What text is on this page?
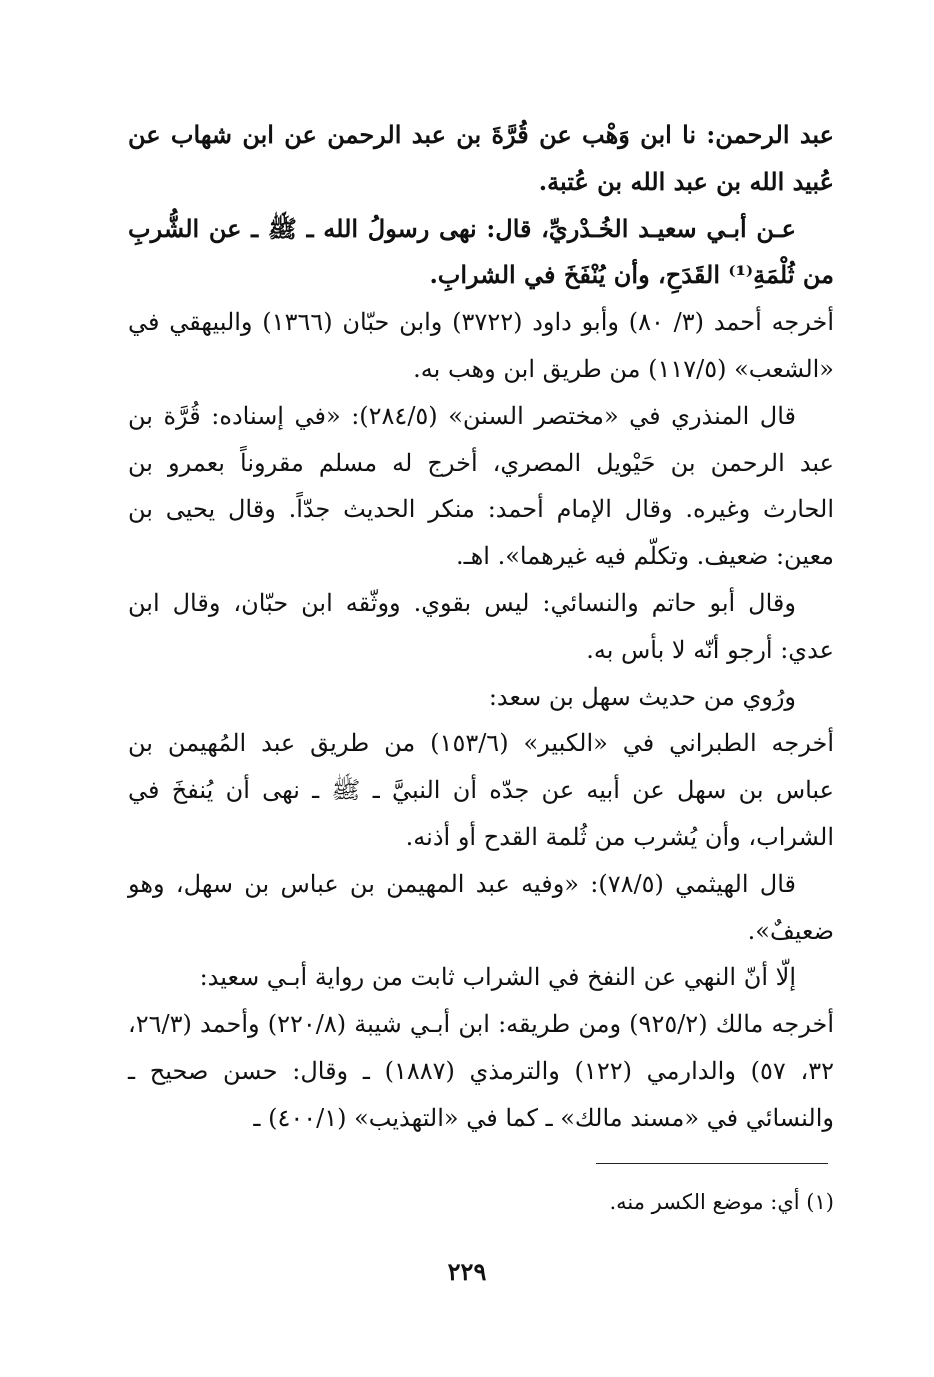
عبد الرحمن: نا ابن وَهْب عن قُرَّةَ بن عبد الرحمن عن ابن شهاب عن عُبيد الله بن عبد الله بن عُتبة.

عـن أبـي سعيـد الخُـدْريِّ، قال: نهى رسولُ الله ـ ﷺ ـ عن الشُّربِ من ثُلْمَةِ⁽¹⁾ القَدَحِ، وأن يُنْفَخَ في الشرابِ.

أخرجه أحمد (٣/ ٨٠) وأبو داود (٣٧٢٢) وابن حبّان (١٣٦٦) والبيهقي في «الشعب» (١١٧/٥) من طريق ابن وهب به.

قال المنذري في «مختصر السنن» (٢٨٤/٥): «في إسناده: قُرَّة بن عبد الرحمن بن حَيْويل المصري، أخرج له مسلم مقروناً بعمرو بن الحارث وغيره. وقال الإمام أحمد: منكر الحديث جدّاً. وقال يحيى بن معين: ضعيف. وتكلّم فيه غيرهما». اهـ.

وقال أبو حاتم والنسائي: ليس بقوي. ووثّقه ابن حبّان، وقال ابن عدي: أرجو أنّه لا بأس به.

ورُوي من حديث سهل بن سعد:

أخرجه الطبراني في «الكبير» (١٥٣/٦) من طريق عبد المُهيمن بن عباس بن سهل عن أبيه عن جدّه أن النبيَّ ـ ﷺ ـ نهى أن يُنفخَ في الشراب، وأن يُشرب من ثُلمة القدح أو أذنه.

قال الهيثمي (٧٨/٥): «وفيه عبد المهيمن بن عباس بن سهل، وهو ضعيفٌ».

إلّا أنّ النهي عن النفخ في الشراب ثابت من رواية أبـي سعيد:

أخرجه مالك (٩٢٥/٢) ومن طريقه: ابن أبـي شيبة (٢٢٠/٨) وأحمد (٢٦/٣، ٣٢، ٥٧) والدارمي (١٢٢) والترمذي (١٨٨٧) ـ وقال: حسن صحيح ـ والنسائي في «مسند مالك» ـ كما في «التهذيب» (٤٠٠/١) ـ

(١) أي: موضع الكسر منه.
٢٢٩
